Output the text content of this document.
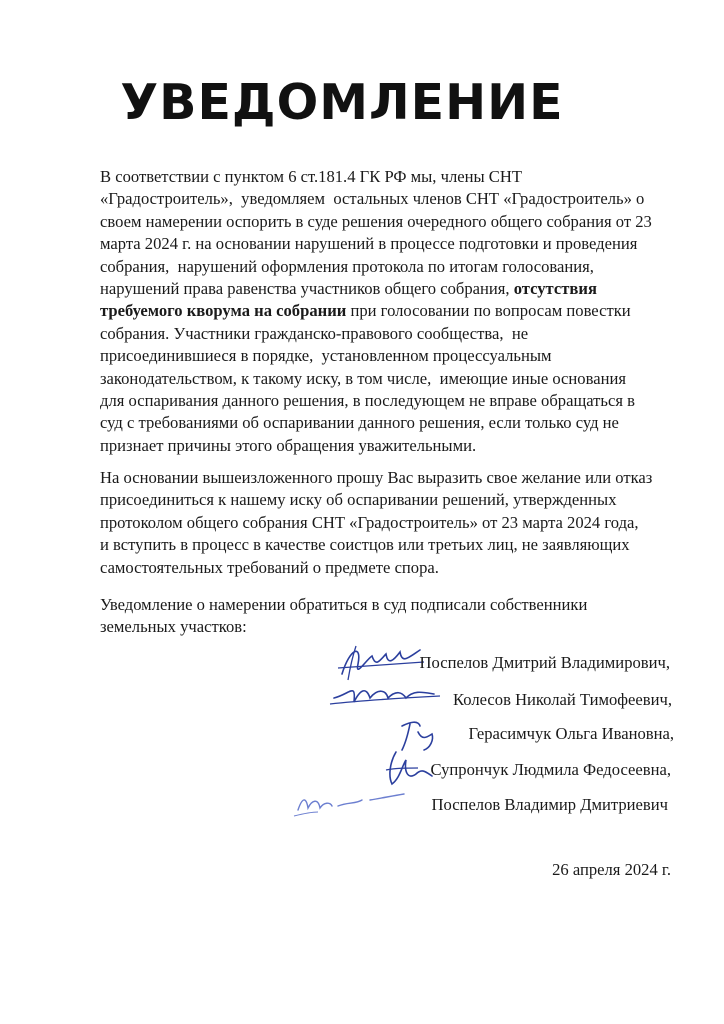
УВЕДОМЛЕНИЕ
В соответствии с пунктом 6 ст.181.4 ГК РФ мы, члены СНТ
«Градостроитель»,  уведомляем  остальных членов СНТ «Градостроитель» о
своем намерении оспорить в суде решения очередного общего собрания от 23
марта 2024 г. на основании нарушений в процессе подготовки и проведения
собрания,  нарушений оформления протокола по итогам голосования,
нарушений права равенства участников общего собрания, отсутствия
требуемого кворума на собрании при голосовании по вопросам повестки
собрания. Участники гражданско-правового сообщества,  не
присоединившиеся в порядке,  установленном процессуальным
законодательством, к такому иску, в том числе,  имеющие иные основания
для оспаривания данного решения, в последующем не вправе обращаться в
суд с требованиями об оспаривании данного решения, если только суд не
признает причины этого обращения уважительными.
На основании вышеизложенного прошу Вас выразить свое желание или отказ
присоединиться к нашему иску об оспаривании решений, утвержденных
протоколом общего собрания СНТ «Градостроитель» от 23 марта 2024 года,
и вступить в процесс в качестве соистцов или третьих лиц, не заявляющих
самостоятельных требований о предмете спора.
Уведомление о намерении обратиться в суд подписали собственники
земельных участков:
Поспелов Дмитрий Владимирович,
Колесов Николай Тимофеевич,
Герасимчук Ольга Ивановна,
Супрончук Людмила Федосеевна,
Поспелов Владимир Дмитриевич
26 апреля 2024 г.
